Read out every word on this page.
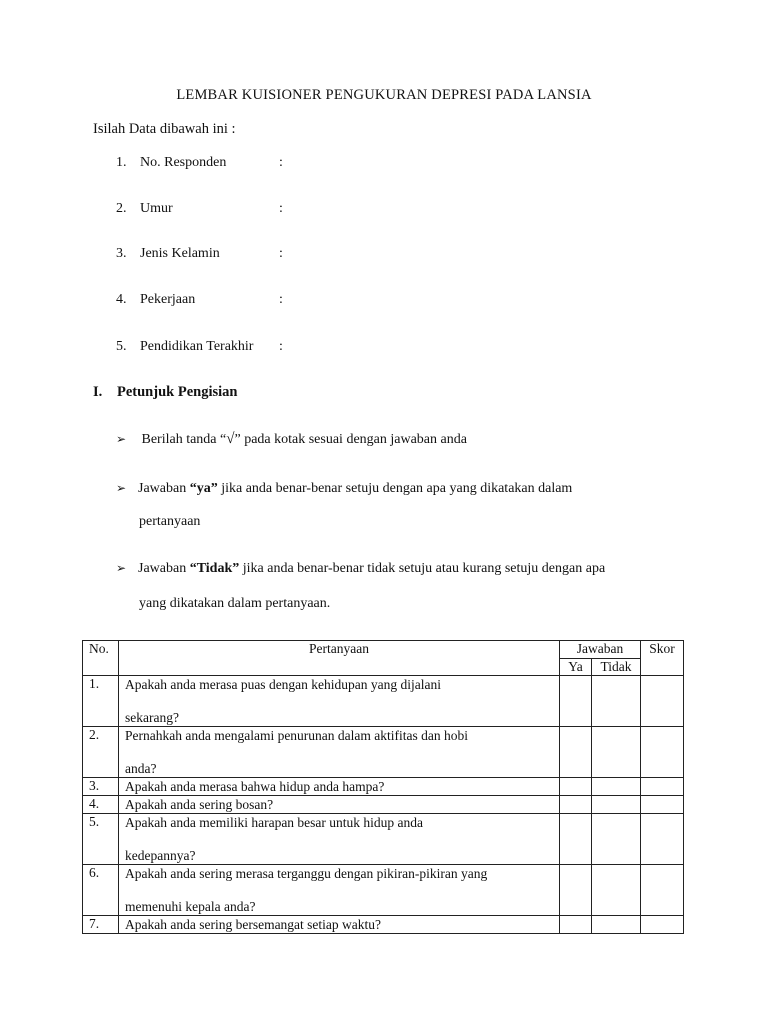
LEMBAR KUISIONER PENGUKURAN DEPRESI PADA LANSIA
Isilah Data dibawah ini :
1. No. Responden	:
2. Umur	:
3. Jenis Kelamin	:
4. Pekerjaan	:
5. Pendidikan Terakhir :
I. Petunjuk Pengisian
➢ Berilah tanda “√” pada kotak sesuai dengan jawaban anda
➢ Jawaban “ya” jika anda benar-benar setuju dengan apa yang dikatakan dalam
pertanyaan
➢ Jawaban “Tidak” jika anda benar-benar tidak setuju atau kurang setuju dengan apa
yang dikatakan dalam pertanyaan.
No.	Pertanyaan	Jawaban		Skor
		Ya	Tidak	
1.	Apakah anda merasa puas dengan kehidupan yang dijalani
sekarang?			

2.	Pernahkah anda mengalami penurunan dalam aktifitas dan hobi
anda?			

3.	Apakah anda merasa bahwa hidup anda hampa?			

4.	Apakah anda sering bosan?			

5.	Apakah anda memiliki harapan besar untuk hidup anda
kedepannya?			

6.	Apakah anda sering merasa terganggu dengan pikiran-pikiran yang
memenuhi kepala anda?			

7.	Apakah anda sering bersemangat setiap waktu?			
